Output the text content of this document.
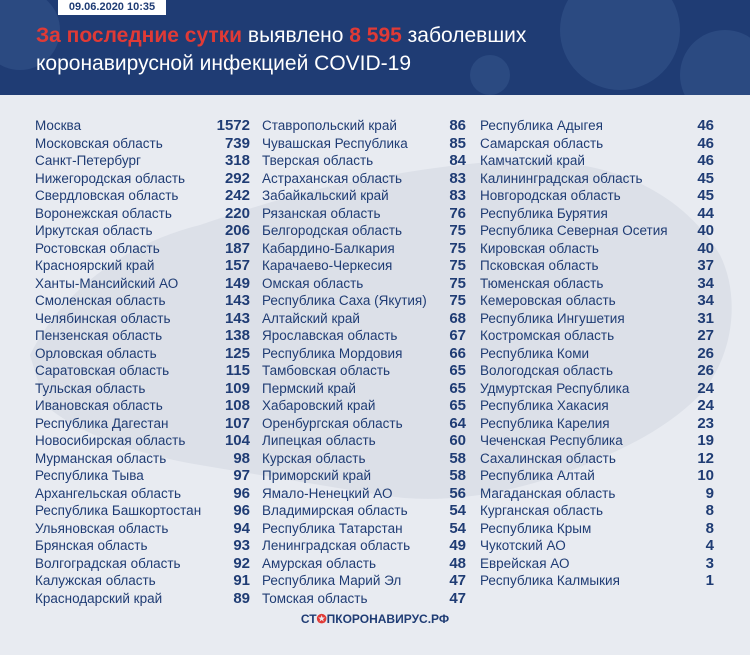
09.06.2020 10:35
За последние сутки выявлено 8 595 заболевших
коронавирусной инфекцией COVID-19
Москва	1572
Московская область	739
Санкт-Петербург	318
Нижегородская область	292
Свердловская область	242
Воронежская область	220
Иркутская область	206
Ростовская область	187
Красноярский край	157
Ханты-Мансийский АО	149
Смоленская область	143
Челябинская область	143
Пензенская область	138
Орловская область	125
Саратовская область	115
Тульская область	109
Ивановская область	108
Республика Дагестан	107
Новосибирская область	104
Мурманская область	98
Республика Тыва	97
Архангельская область	96
Республика Башкортостан 96
Ульяновская область	94
Брянская область	93
Волгоградская область	92
Калужская область	91
Краснодарский край	89
Ставропольский край	86
Чувашская Республика	85
Тверская область	84
Астраханская область	83
Забайкальский край	83
Рязанская область	76
Белгородская область	75
Кабардино-Балкария	75
Карачаево-Черкесия	75
Омская область	75
Республика Саха (Якутия) 75
Алтайский край	68
Ярославская область	67
Республика Мордовия	66
Тамбовская область	65
Пермский край	65
Хабаровский край	65
Оренбургская область	64
Липецкая область	60
Курская область	58
Приморский край	58
Ямало-Ненецкий АО	56
Владимирская область	54
Республика Татарстан	54
Ленинградская область	49
Амурская область	48
Республика Марий Эл	47
Томская область	47
Республика Адыгея	46
Самарская область	46
Камчатский край	46
Калининградская область	45
Новгородская область	45
Республика Бурятия	44
Республика Северная Осетия 40
Кировская область	40
Псковская область	37
Тюменская область	34
Кемеровская область	34
Республика Ингушетия	31
Костромская область	27
Республика Коми	26
Вологодская область	26
Удмуртская Республика	24
Республика Хакасия	24
Республика Карелия	23
Чеченская Республика	19
Сахалинская область	12
Республика Алтай	10
Магаданская область	9
Курганская область	8
Республика Крым	8
Чукотский АО	4
Еврейская АО	3
Республика Калмыкия	1
СТ✪ПКОРОНАВИРУС.РФ
